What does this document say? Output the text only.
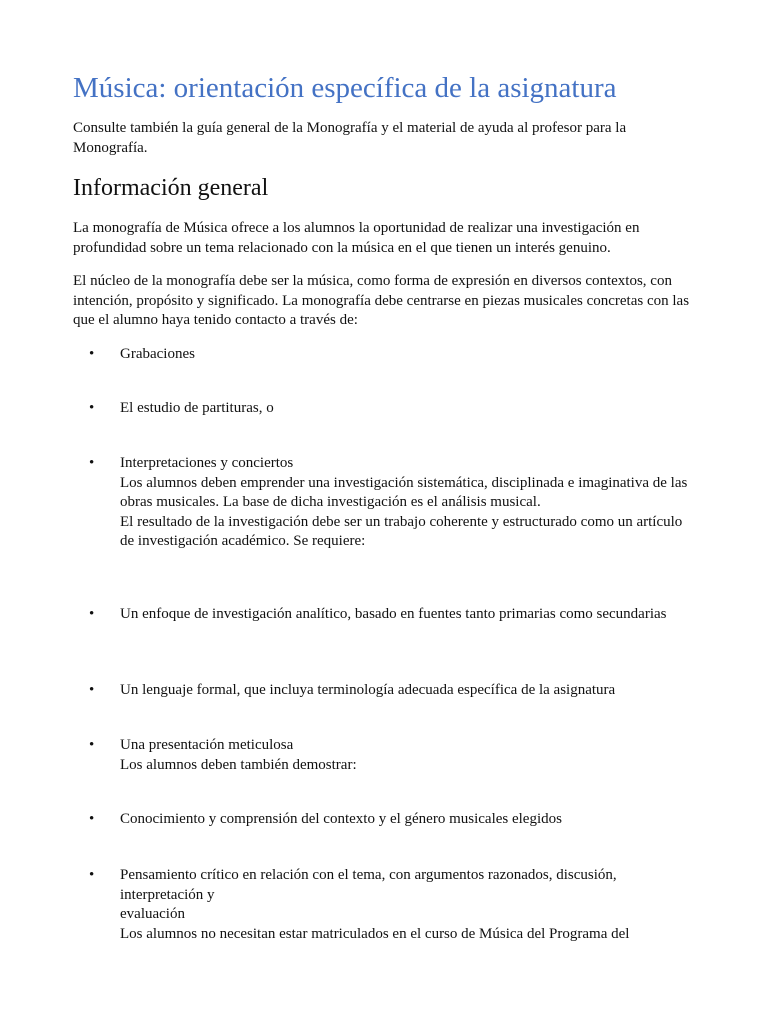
Música: orientación específica de la asignatura

Consulte también la guía general de la Monografía y el material de ayuda al profesor para la Monografía.

Información general

La monografía de Música ofrece a los alumnos la oportunidad de realizar una investigación en profundidad sobre un tema relacionado con la música en el que tienen un interés genuino.

El núcleo de la monografía debe ser la música, como forma de expresión en diversos contextos, con intención, propósito y significado. La monografía debe centrarse en piezas musicales concretas con las que el alumno haya tenido contacto a través de:

•	Grabaciones
•	El estudio de partituras, o
•	Interpretaciones y conciertos
Los alumnos deben emprender una investigación sistemática, disciplinada e imaginativa de las obras musicales. La base de dicha investigación es el análisis musical.
El resultado de la investigación debe ser un trabajo coherente y estructurado como un artículo de investigación académico. Se requiere:
•	Un enfoque de investigación analítico, basado en fuentes tanto primarias como secundarias
•	Un lenguaje formal, que incluya terminología adecuada específica de la asignatura
•	Una presentación meticulosa
Los alumnos deben también demostrar:
•	Conocimiento y comprensión del contexto y el género musicales elegidos
•	Pensamiento crítico en relación con el tema, con argumentos razonados, discusión, interpretación y
evaluación
Los alumnos no necesitan estar matriculados en el curso de Música del Programa del
